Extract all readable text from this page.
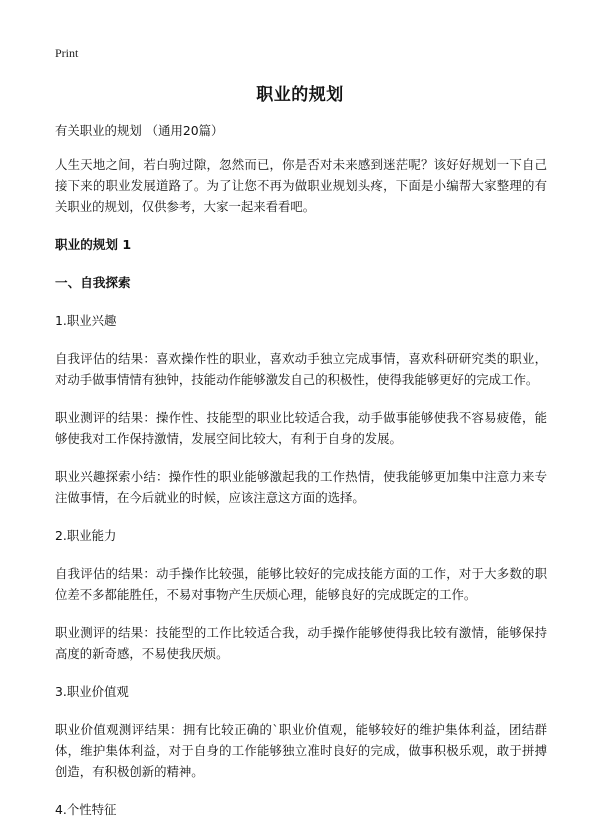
Print
职业的规划

有关职业的规划 （通用20篇）

人生天地之间，若白驹过隙，忽然而已，你是否对未来感到迷茫呢？该好好规划一下自己接下来的职业发展道路了。为了让您不再为做职业规划头疼，下面是小编帮大家整理的有关职业的规划，仅供参考，大家一起来看看吧。

职业的规划 1

一、自我探索

1.职业兴趣

自我评估的结果：喜欢操作性的职业，喜欢动手独立完成事情，喜欢科研研究类的职业，对动手做事情情有独钟，技能动作能够激发自己的积极性，使得我能够更好的完成工作。

职业测评的结果：操作性、技能型的职业比较适合我，动手做事能够使我不容易疲倦，能够使我对工作保持激情，发展空间比较大，有利于自身的发展。

职业兴趣探索小结：操作性的职业能够激起我的工作热情，使我能够更加集中注意力来专注做事情，在今后就业的时候，应该注意这方面的选择。

2.职业能力

自我评估的结果：动手操作比较强，能够比较好的完成技能方面的工作，对于大多数的职位差不多都能胜任，不易对事物产生厌烦心理，能够良好的完成既定的工作。

职业测评的结果：技能型的工作比较适合我，动手操作能够使得我比较有激情，能够保持高度的新奇感，不易使我厌烦。

3.职业价值观

职业价值观测评结果：拥有比较正确的`职业价值观，能够较好的维护集体利益，团结群体，维护集体利益，对于自身的工作能够独立准时良好的完成，做事积极乐观，敢于拼搏创造，有积极创新的精神。

4.个性特征
